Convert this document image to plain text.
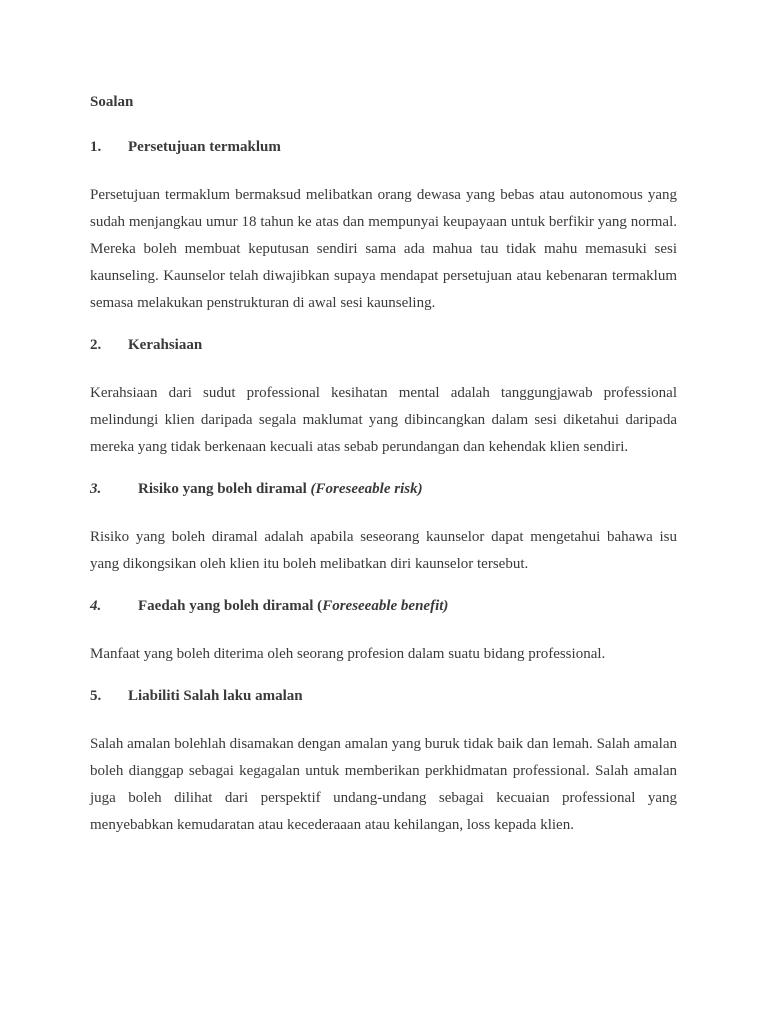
Soalan
1.	Persetujuan termaklum

Persetujuan termaklum bermaksud melibatkan orang dewasa yang bebas atau autonomous yang sudah menjangkau umur 18 tahun ke atas dan mempunyai keupayaan untuk berfikir yang normal. Mereka boleh membuat keputusan sendiri sama ada mahua tau tidak mahu memasuki sesi kaunseling. Kaunselor telah diwajibkan supaya mendapat persetujuan atau kebenaran termaklum semasa melakukan penstrukturan di awal sesi kaunseling.

2.	Kerahsiaan

Kerahsiaan dari sudut professional kesihatan mental adalah tanggungjawab professional melindungi klien daripada segala maklumat yang dibincangkan dalam sesi diketahui daripada mereka yang tidak berkenaan kecuali atas sebab perundangan dan kehendak klien sendiri.

3.	Risiko yang boleh diramal (Foreseeable risk)

Risiko yang boleh diramal adalah apabila seseorang kaunselor dapat mengetahui bahawa isu yang dikongsikan oleh klien itu boleh melibatkan diri kaunselor tersebut.

4.	Faedah yang boleh diramal (Foreseeable benefit)

Manfaat yang boleh diterima oleh seorang profesion dalam suatu bidang professional.

5.	Liabiliti Salah laku amalan

Salah amalan bolehlah disamakan dengan amalan yang buruk tidak baik dan lemah. Salah amalan boleh dianggap sebagai kegagalan untuk memberikan perkhidmatan professional. Salah amalan juga boleh dilihat dari perspektif undang-undang sebagai kecuaian professional yang menyebabkan kemudaratan atau kecederaaan atau kehilangan, loss kepada klien.
